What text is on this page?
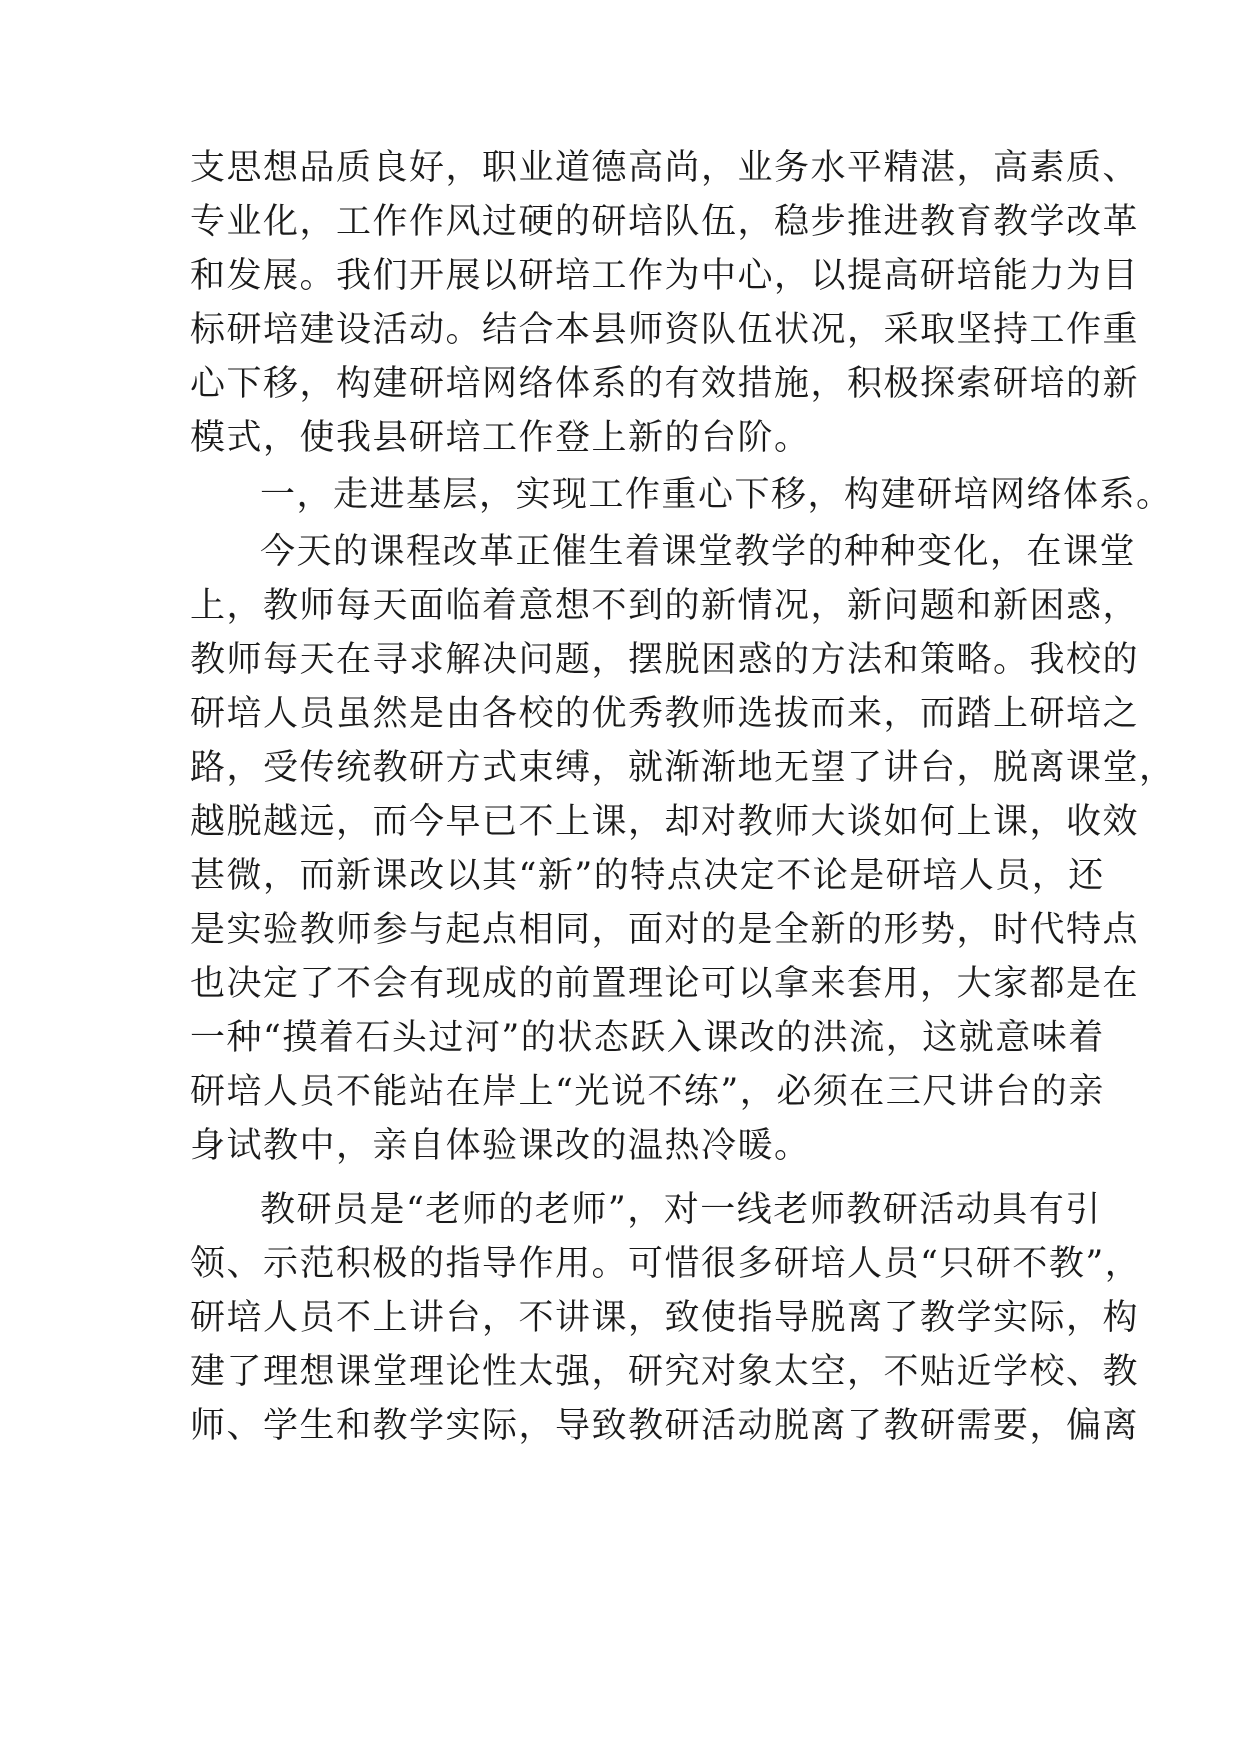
支思想品质良好，职业道德高尚，业务水平精湛，高素质、
专业化，工作作风过硬的研培队伍，稳步推进教育教学改革
和发展。我们开展以研培工作为中心，以提高研培能力为目
标研培建设活动。结合本县师资队伍状况，采取坚持工作重
心下移，构建研培网络体系的有效措施，积极探索研培的新
模式，使我县研培工作登上新的台阶。
一，走进基层，实现工作重心下移，构建研培网络体系。
今天的课程改革正催生着课堂教学的种种变化，在课堂
上，教师每天面临着意想不到的新情况，新问题和新困惑，
教师每天在寻求解决问题，摆脱困惑的方法和策略。我校的
研培人员虽然是由各校的优秀教师选拔而来，而踏上研培之
路，受传统教研方式束缚，就渐渐地无望了讲台，脱离课堂，
越脱越远，而今早已不上课，却对教师大谈如何上课，收效
甚微，而新课改以其“新”的特点决定不论是研培人员，还
是实验教师参与起点相同，面对的是全新的形势，时代特点
也决定了不会有现成的前置理论可以拿来套用，大家都是在
一种“摸着石头过河”的状态跃入课改的洪流，这就意味着
研培人员不能站在岸上“光说不练”，必须在三尺讲台的亲
身试教中，亲自体验课改的温热冷暖。
教研员是“老师的老师”，对一线老师教研活动具有引
领、示范积极的指导作用。可惜很多研培人员“只研不教”，
研培人员不上讲台，不讲课，致使指导脱离了教学实际，构
建了理想课堂理论性太强，研究对象太空，不贴近学校、教
师、学生和教学实际，导致教研活动脱离了教研需要，偏离
